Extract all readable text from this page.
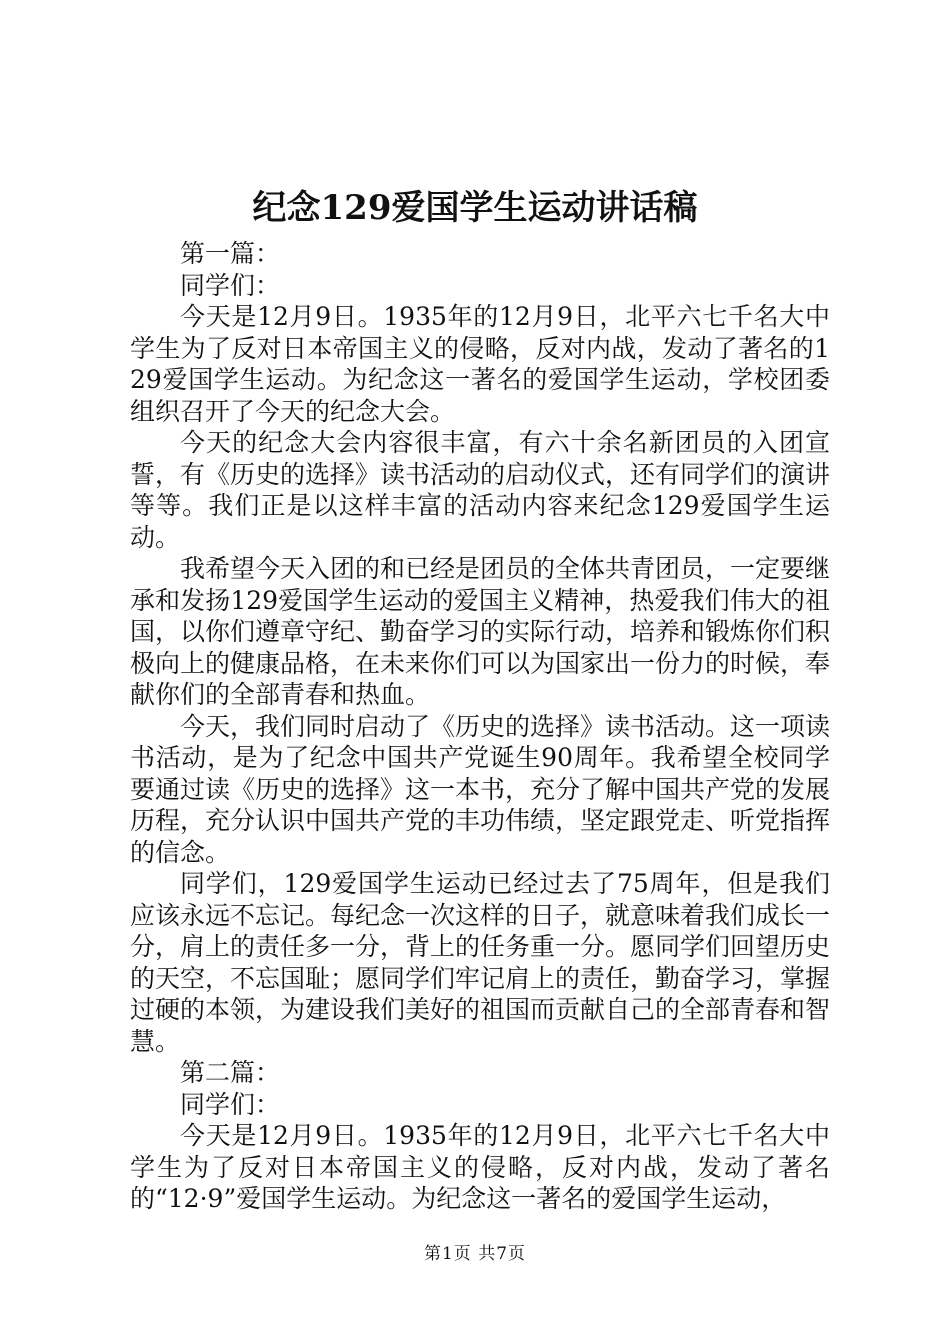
纪念129爱国学生运动讲话稿

第一篇：

同学们：

今天是12月9日。1935年的12月9日，北平六七千名大中学生为了反对日本帝国主义的侵略，反对内战，发动了著名的129爱国学生运动。为纪念这一著名的爱国学生运动，学校团委组织召开了今天的纪念大会。

今天的纪念大会内容很丰富，有六十余名新团员的入团宣誓，有《历史的选择》读书活动的启动仪式，还有同学们的演讲等等。我们正是以这样丰富的活动内容来纪念129爱国学生运动。

我希望今天入团的和已经是团员的全体共青团员，一定要继承和发扬129爱国学生运动的爱国主义精神，热爱我们伟大的祖国，以你们遵章守纪、勤奋学习的实际行动，培养和锻炼你们积极向上的健康品格，在未来你们可以为国家出一份力的时候，奉献你们的全部青春和热血。

今天，我们同时启动了《历史的选择》读书活动。这一项读书活动，是为了纪念中国共产党诞生90周年。我希望全校同学要通过读《历史的选择》这一本书，充分了解中国共产党的发展历程，充分认识中国共产党的丰功伟绩，坚定跟党走、听党指挥的信念。

同学们，129爱国学生运动已经过去了75周年，但是我们应该永远不忘记。每纪念一次这样的日子，就意味着我们成长一分，肩上的责任多一分，背上的任务重一分。愿同学们回望历史的天空，不忘国耻；愿同学们牢记肩上的责任，勤奋学习，掌握过硬的本领，为建设我们美好的祖国而贡献自己的全部青春和智慧。

第二篇：

同学们：

今天是12月9日。1935年的12月9日，北平六七千名大中学生为了反对日本帝国主义的侵略，反对内战，发动了著名的“12·9”爱国学生运动。为纪念这一著名的爱国学生运动，

第1页 共7页
